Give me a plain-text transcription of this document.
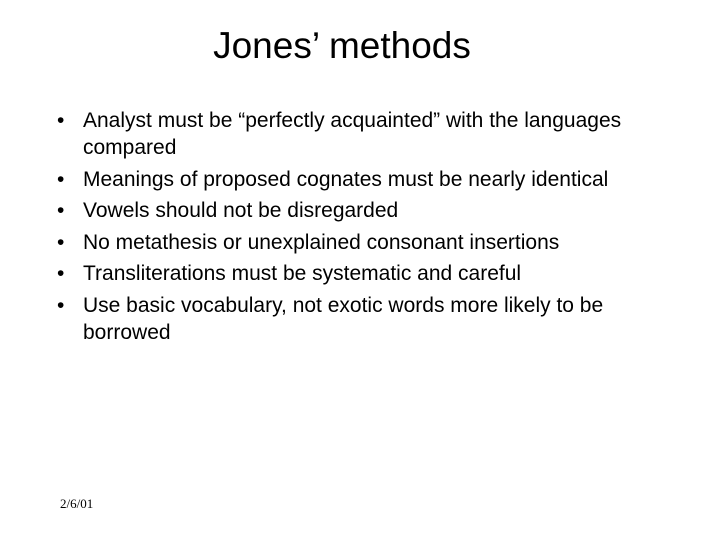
Jones’ methods
• Analyst must be “perfectly acquainted” with the languages compared
• Meanings of proposed cognates must be nearly identical
• Vowels should not be disregarded
• No metathesis or unexplained consonant insertions
• Transliterations must be systematic and careful
• Use basic vocabulary, not exotic words more likely to be borrowed
2/6/01
